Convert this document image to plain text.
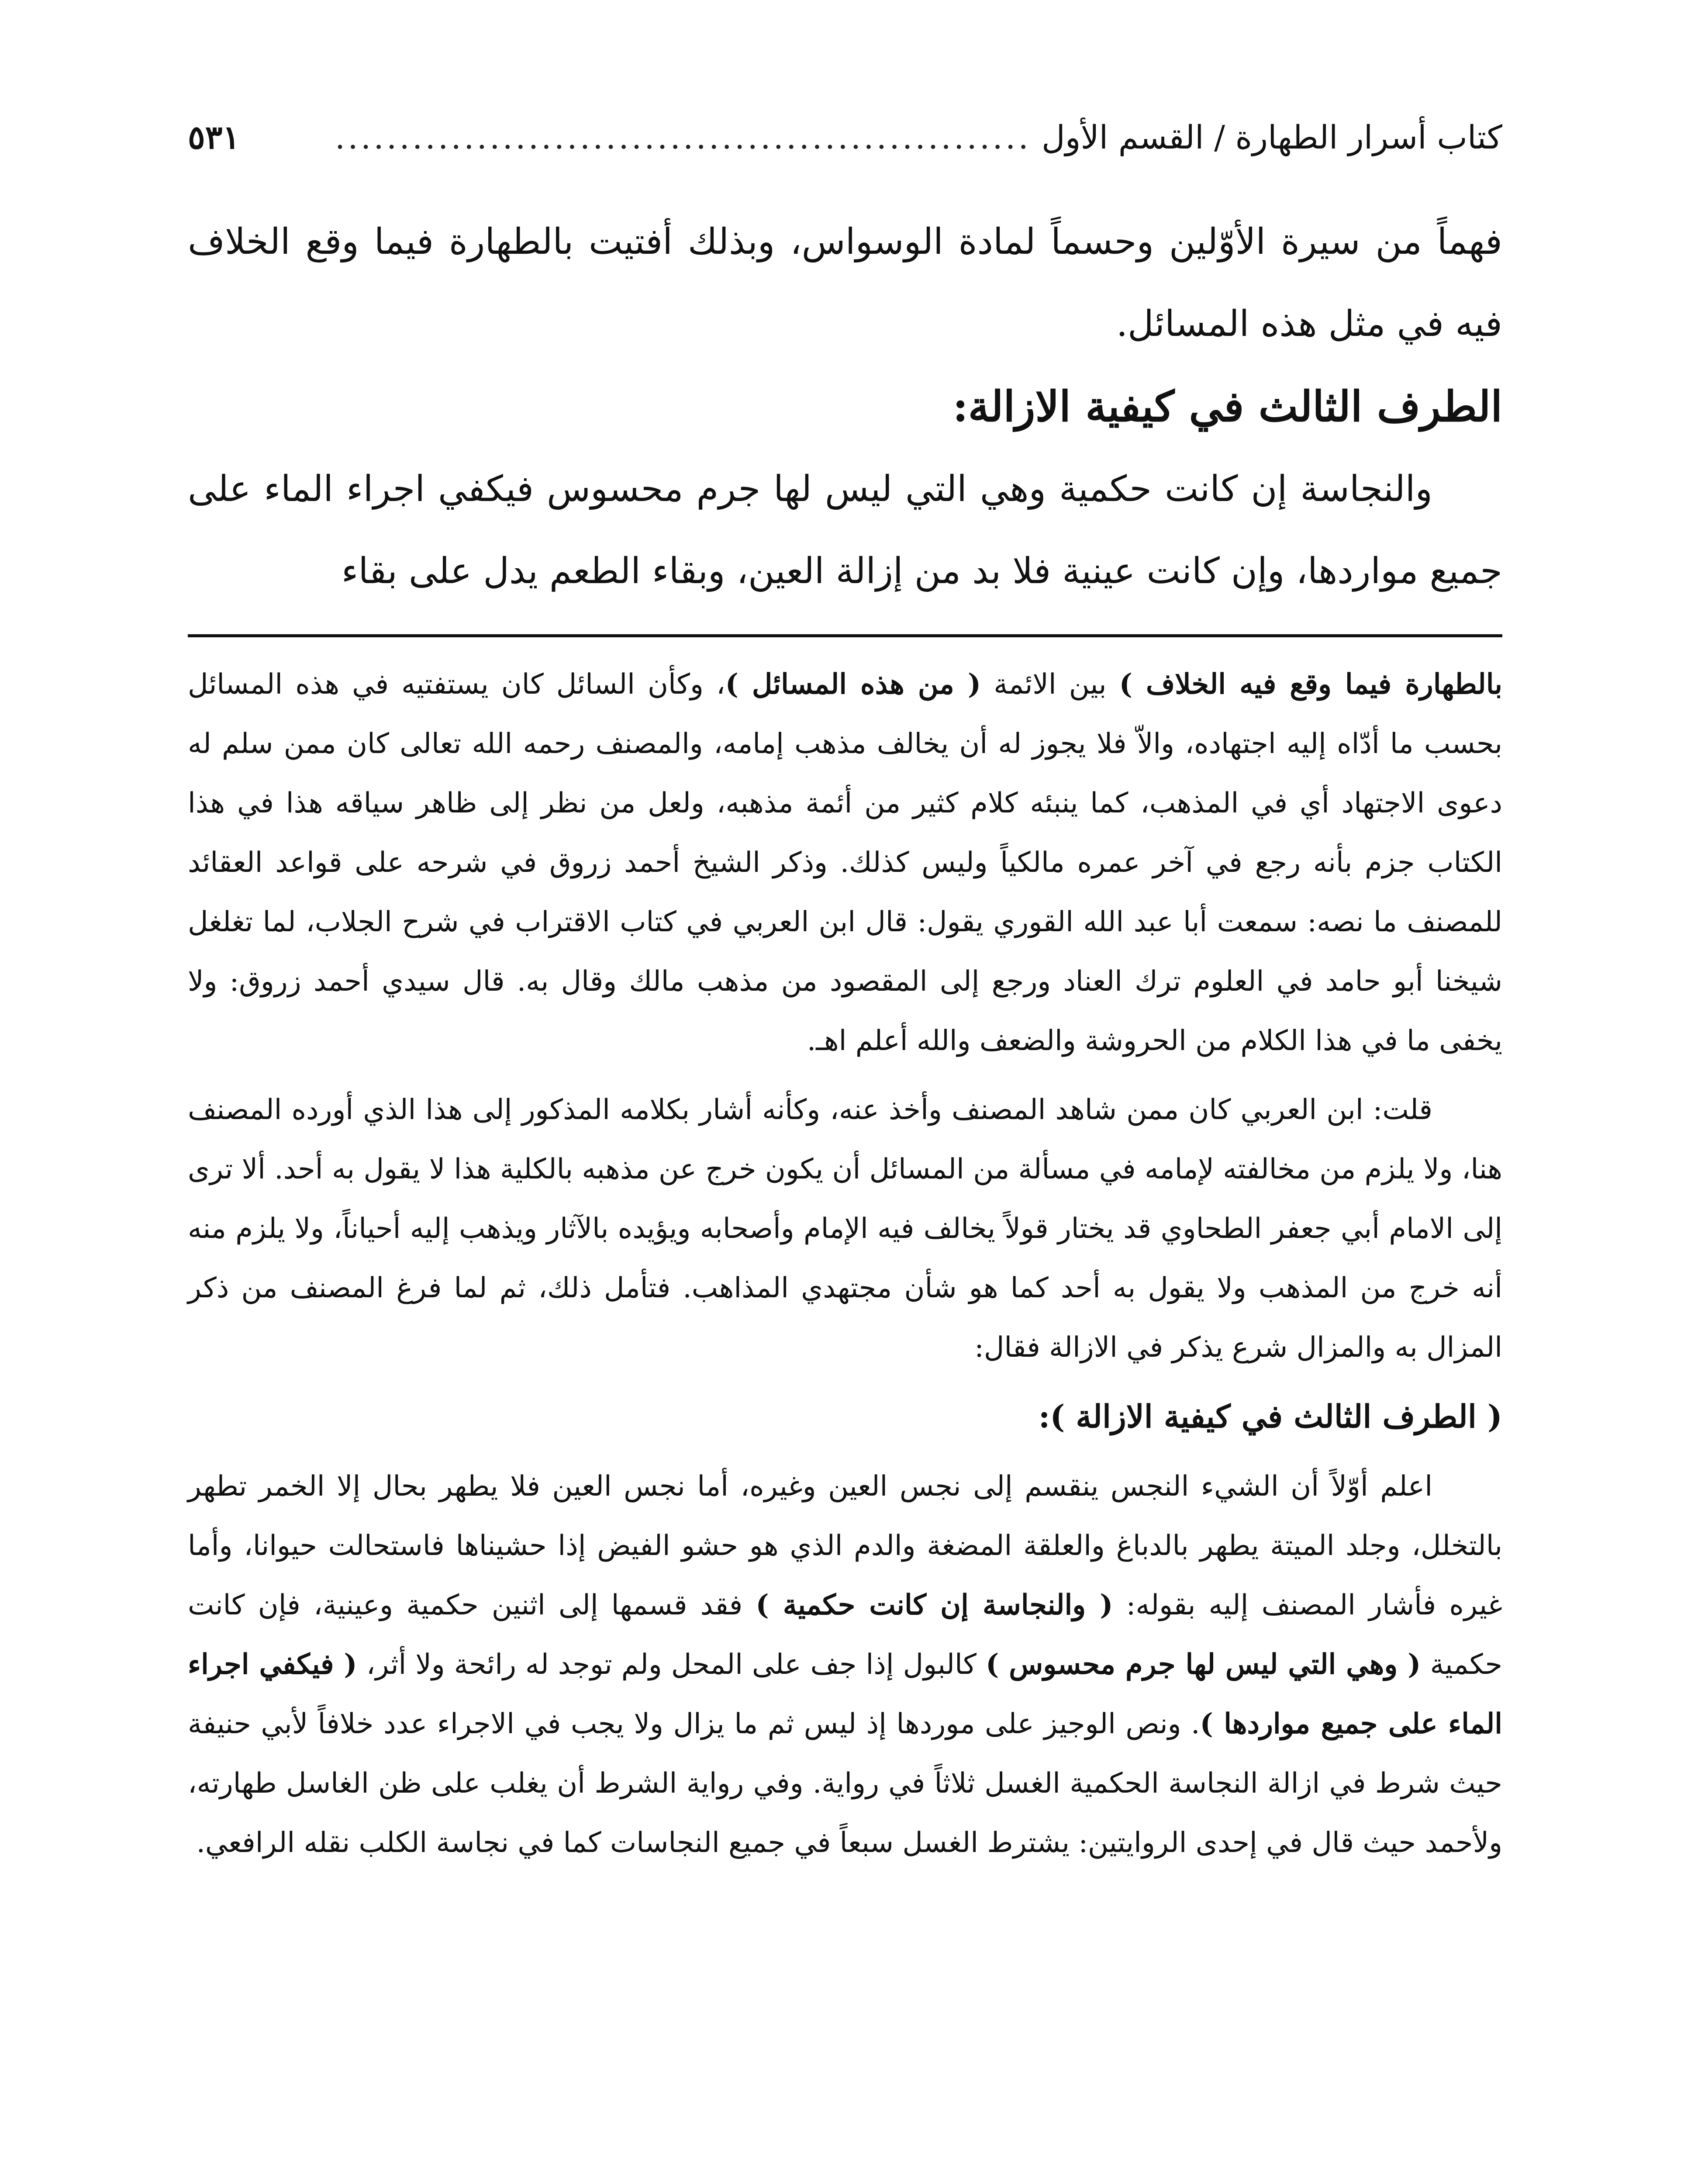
كتاب أسرار الطهارة / القسم الأول
......................................................
٥٣١

فهماً من سيرة الأوّلين وحسماً لمادة الوسواس، وبذلك أفتيت بالطهارة فيما وقع الخلاف فيه في مثل هذه المسائل.

الطرف الثالث في كيفية الازالة:

والنجاسة إن كانت حكمية وهي التي ليس لها جرم محسوس فيكفي اجراء الماء على جميع مواردها، وإن كانت عينية فلا بد من إزالة العين، وبقاء الطعم يدل على بقاء

بالطهارة فيما وقع فيه الخلاف ) بين الائمة ( من هذه المسائل )، وكأن السائل كان يستفتيه في هذه المسائل بحسب ما أدّاه إليه اجتهاده، والاّ فلا يجوز له أن يخالف مذهب إمامه، والمصنف رحمه الله تعالى كان ممن سلم له دعوى الاجتهاد أي في المذهب، كما ينبئه كلام كثير من أئمة مذهبه، ولعل من نظر إلى ظاهر سياقه هذا في هذا الكتاب جزم بأنه رجع في آخر عمره مالكياً وليس كذلك. وذكر الشيخ أحمد زروق في شرحه على قواعد العقائد للمصنف ما نصه: سمعت أبا عبد الله القوري يقول: قال ابن العربي في كتاب الاقتراب في شرح الجلاب، لما تغلغل شيخنا أبو حامد في العلوم ترك العناد ورجع إلى المقصود من مذهب مالك وقال به. قال سيدي أحمد زروق: ولا يخفى ما في هذا الكلام من الحروشة والضعف والله أعلم اهـ.

قلت: ابن العربي كان ممن شاهد المصنف وأخذ عنه، وكأنه أشار بكلامه المذكور إلى هذا الذي أورده المصنف هنا، ولا يلزم من مخالفته لإمامه في مسألة من المسائل أن يكون خرج عن مذهبه بالكلية هذا لا يقول به أحد. ألا ترى إلى الامام أبي جعفر الطحاوي قد يختار قولاً يخالف فيه الإمام وأصحابه ويؤيده بالآثار ويذهب إليه أحياناً، ولا يلزم منه أنه خرج من المذهب ولا يقول به أحد كما هو شأن مجتهدي المذاهب. فتأمل ذلك، ثم لما فرغ المصنف من ذكر المزال به والمزال شرع يذكر في الازالة فقال:

( الطرف الثالث في كيفية الازالة ):

اعلم أوّلاً أن الشيء النجس ينقسم إلى نجس العين وغيره، أما نجس العين فلا يطهر بحال إلا الخمر تطهر بالتخلل، وجلد الميتة يطهر بالدباغ والعلقة المضغة والدم الذي هو حشو الفيض إذا حشيناها فاستحالت حيوانا، وأما غيره فأشار المصنف إليه بقوله: ( والنجاسة إن كانت حكمية ) فقد قسمها إلى اثنين حكمية وعينية، فإن كانت حكمية ( وهي التي ليس لها جرم محسوس ) كالبول إذا جف على المحل ولم توجد له رائحة ولا أثر، ( فيكفي اجراء الماء على جميع مواردها ). ونص الوجيز على موردها إذ ليس ثم ما يزال ولا يجب في الاجراء عدد خلافاً لأبي حنيفة حيث شرط في ازالة النجاسة الحكمية الغسل ثلاثاً في رواية. وفي رواية الشرط أن يغلب على ظن الغاسل طهارته، ولأحمد حيث قال في إحدى الروايتين: يشترط الغسل سبعاً في جميع النجاسات كما في نجاسة الكلب نقله الرافعي.
